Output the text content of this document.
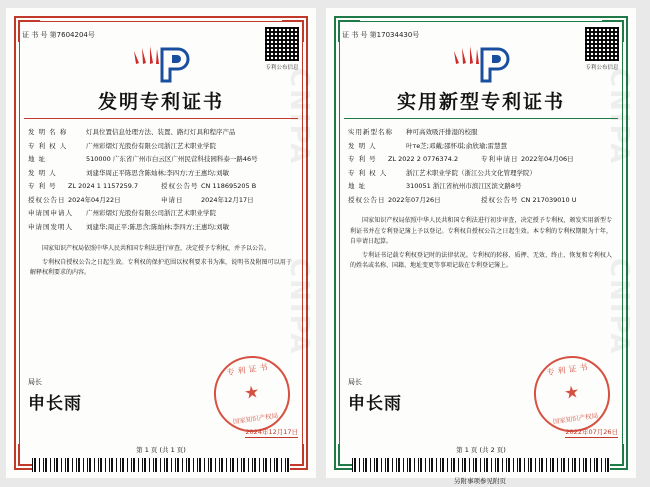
CNIPA
CNIPA
证 书 号 第7604204号
专利公布信息
发明专利证书
发 明 名 称	灯具位置信息处理方法、装置、路灯灯具和程序产品
专 利 权 人	广州彩熠灯光股份有限公司浙江艺术职业学院
地 址	510000 广东省广州市白云区广州民营科技园科泰一路46号
发 明 人	刘建华周正平陈思含陈灿林;李四方;方王惠均;刘敏
专 利 号	ZL 2024 1 1157259.7	授权公告号 CN 118695205 B
授权公告日 2024年04月22日	申请日	2024年12月17日
申请国申请人	广州彩熠灯光股份有限公司浙江艺术职业学院
申请国发明人	刘建华;周正平;陈思含;陈灿林;李四方;王惠均;刘敏

国家知识产权局依照中华人民共和国专利法进行审查，决定授予专利权，并予以公告。

专利权自授权公告之日起生效。专利权的保护范围以权利要求书为准，说明书及附图可以用于解释权利要求的内容。

局长
申长雨
专利证书
★
国家知识产权局
2024年12月17日
第 1 页 (共 1 页)
CNIPA
CNIPA
证 书 号 第17034430号
专利公布信息
实用新型专利证书
实用新型名称	种可高效吸汗排湿的校服
发 明 人	叶те芝;邓戴;邵怀琪;俞欣瑜;雷慧慧
专 利 号	ZL 2022 2 0776374.2	专利申请日 2022年04月06日
专 利 权 人	浙江艺术职业学院（浙江公共文化管理学院）
地 址	310051 浙江省杭州市滨江区滨文路8号
授权公告日 2022年07月26日	授权公告号 CN 217039010 U

国家知识产权局依照中华人民共和国专利法进行初步审查，决定授予专利权，颁发实用新型专利证书并在专利登记簿上予以登记。专利权自授权公告之日起生效。本专利的专利权期限为十年，自申请日起算。

专利证书记载专利权登记时的法律状况。专利权的转移、质押、无效、终止、恢复和专利权人的姓名或名称、国籍、地址变更等事项记载在专利登记簿上。

局长
申长雨
专利证书
★
国家知识产权局
2022年07月26日
第 1 页 (共 2 页)
另附事项参见附页
